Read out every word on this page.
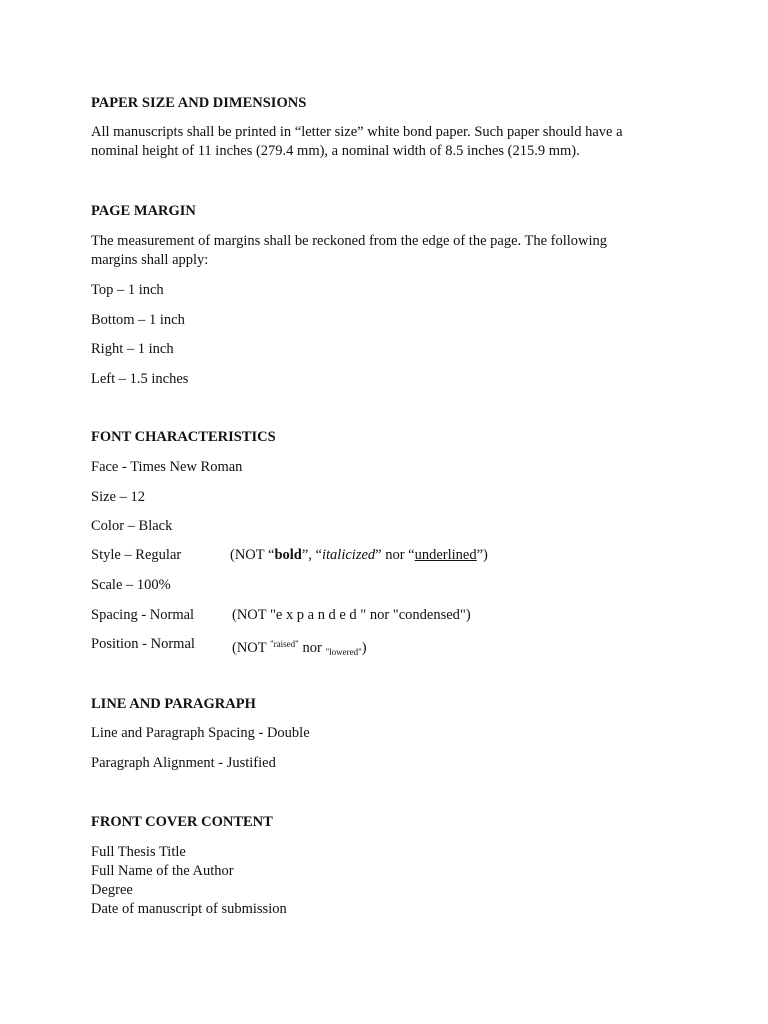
PAPER SIZE AND DIMENSIONS
All manuscripts shall be printed in “letter size” white bond paper. Such paper should have a nominal height of 11 inches (279.4 mm), a nominal width of 8.5 inches (215.9 mm).
PAGE MARGIN
The measurement of margins shall be reckoned from the edge of the page. The following margins shall apply:
Top – 1 inch
Bottom – 1 inch
Right – 1 inch
Left – 1.5 inches
FONT CHARACTERISTICS
Face - Times New Roman
Size – 12
Color – Black
Style – Regular	(NOT “bold”, “italicized” nor “underlined”)
Scale – 100%
Spacing - Normal	(NOT "expanded" nor "condensed")
Position - Normal	(NOT $^{"raised"}$ nor $_{"lowered"}$)
LINE AND PARAGRAPH
Line and Paragraph Spacing - Double
Paragraph Alignment - Justified
FRONT COVER CONTENT
Full Thesis Title
Full Name of the Author
Degree
Date of manuscript of submission
